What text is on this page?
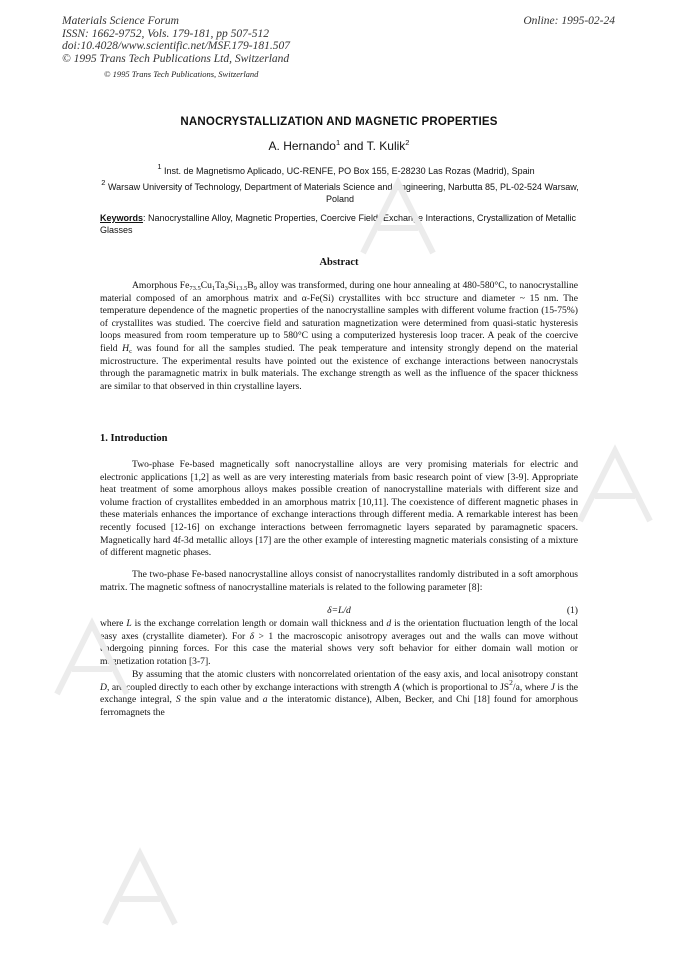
Materials Science Forum
ISSN: 1662-9752, Vols. 179-181, pp 507-512
doi:10.4028/www.scientific.net/MSF.179-181.507
© 1995 Trans Tech Publications Ltd, Switzerland
Online: 1995-02-24
© 1995 Trans Tech Publications, Switzerland
NANOCRYSTALLIZATION AND MAGNETIC PROPERTIES
A. Hernando$^1$ and T. Kulik$^2$
$^1$ Inst. de Magnetismo Aplicado, UC-RENFE, PO Box 155, E-28230 Las Rozas (Madrid), Spain
$^2$ Warsaw University of Technology, Department of Materials Science and Engineering, Narbutta 85, PL-02-524 Warsaw, Poland
Keywords: Nanocrystalline Alloy, Magnetic Properties, Coercive Field, Exchange Interactions, Crystallization of Metallic Glasses
Abstract
Amorphous $Fe_{73.5}Cu_1Ta_3Si_{13.5}B_9$ alloy was transformed, during one hour annealing at 480-580°C, to nanocrystalline material composed of an amorphous matrix and α-Fe(Si) crystallites with bcc structure and diameter ~ 15 nm. The temperature dependence of the magnetic properties of the nanocrystalline samples with different volume fraction (15-75%) of crystallites was studied. The coercive field and saturation magnetization were determined from quasi-static hysteresis loops measured from room temperature up to 580°C using a computerized hysteresis loop tracer. A peak of the coercive field $H_c$ was found for all the samples studied. The peak temperature and intensity strongly depend on the material microstructure. The experimental results have pointed out the existence of exchange interactions between nanocrystals through the paramagnetic matrix in bulk materials. The exchange strength as well as the influence of the spacer thickness are similar to that observed in thin crystalline layers.
1. Introduction
Two-phase Fe-based magnetically soft nanocrystalline alloys are very promising materials for electric and electronic applications [1,2] as well as are very interesting materials from basic research point of view [3-9]. Appropriate heat treatment of some amorphous alloys makes possible creation of nanocrystalline materials with different size and volume fraction of crystallites embedded in an amorphous matrix [10,11]. The coexistence of different magnetic phases in these materials enhances the importance of exchange interactions through different media. A remarkable interest has been recently focused [12-16] on exchange interactions between ferromagnetic layers separated by paramagnetic spacers. Magnetically hard 4f-3d metallic alloys [17] are the other example of interesting magnetic materials consisting of a mixture of different magnetic phases.
The two-phase Fe-based nanocrystalline alloys consist of nanocrystallites randomly distributed in a soft amorphous matrix. The magnetic softness of nanocrystalline materials is related to the following parameter [8]:
δ=L/d	(1)
where L is the exchange correlation length or domain wall thickness and d is the orientation fluctuation length of the local easy axes (crystallite diameter). For δ > 1 the macroscopic anisotropy averages out and the walls can move without undergoing pinning forces. For this case the material shows very soft behavior for either domain wall motion or magnetization rotation [3-7].
By assuming that the atomic clusters with noncorrelated orientation of the easy axis, and local anisotropy constant D, are coupled directly to each other by exchange interactions with strength A (which is proportional to $JS^2/a$, where J is the exchange integral, S the spin value and a the interatomic distance), Alben, Becker, and Chi [18] found for amorphous ferromagnets the
